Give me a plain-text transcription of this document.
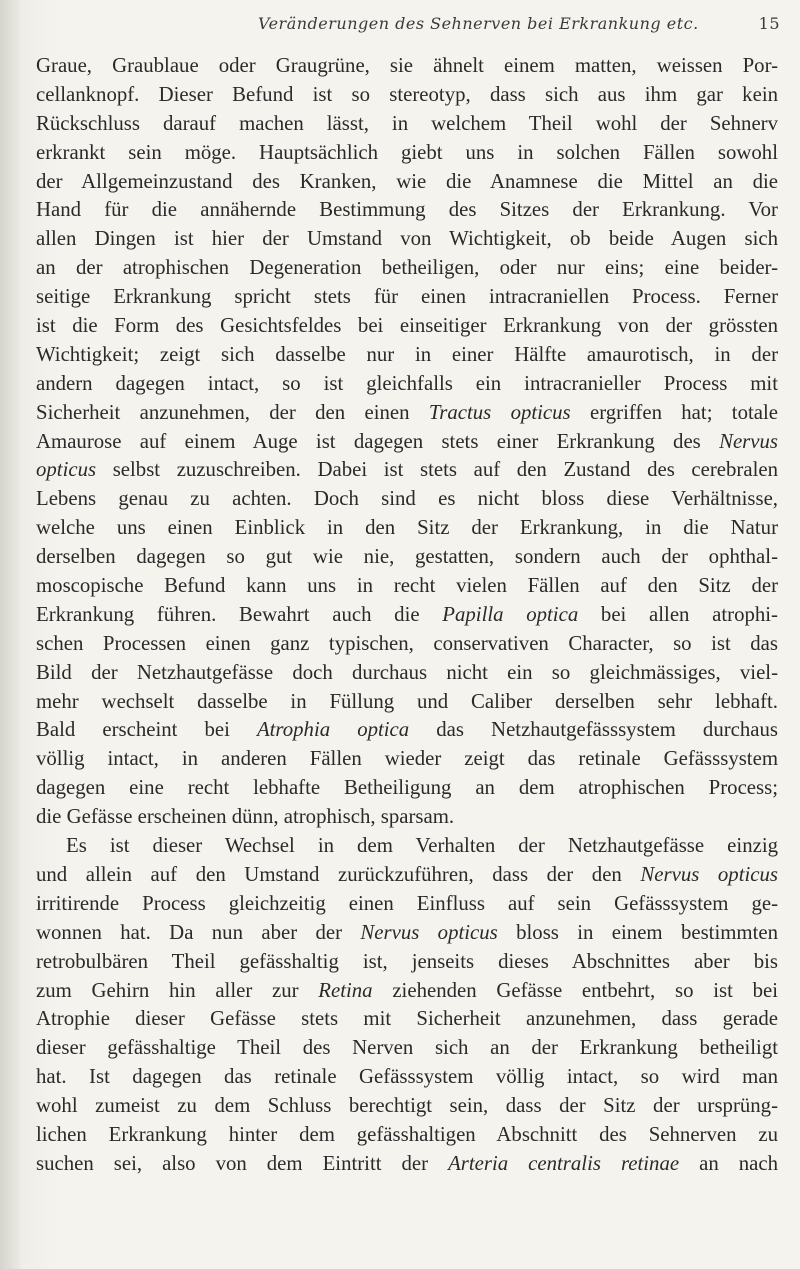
Veränderungen des Sehnerven bei Erkrankung etc.	15
Graue, Graublaue oder Graugrüne, sie ähnelt einem matten, weissen Por-
cellanknopf. Dieser Befund ist so stereotyp, dass sich aus ihm gar kein
Rückschluss darauf machen lässt, in welchem Theil wohl der Sehnerv
erkrankt sein möge. Hauptsächlich giebt uns in solchen Fällen sowohl
der Allgemeinzustand des Kranken, wie die Anamnese die Mittel an die
Hand für die annähernde Bestimmung des Sitzes der Erkrankung. Vor
allen Dingen ist hier der Umstand von Wichtigkeit, ob beide Augen sich
an der atrophischen Degeneration betheiligen, oder nur eins; eine beider-
seitige Erkrankung spricht stets für einen intracraniellen Process. Ferner
ist die Form des Gesichtsfeldes bei einseitiger Erkrankung von der grössten
Wichtigkeit; zeigt sich dasselbe nur in einer Hälfte amaurotisch, in der
andern dagegen intact, so ist gleichfalls ein intracranieller Process mit
Sicherheit anzunehmen, der den einen Tractus opticus ergriffen hat; totale
Amaurose auf einem Auge ist dagegen stets einer Erkrankung des Nervus
opticus selbst zuzuschreiben. Dabei ist stets auf den Zustand des cerebralen
Lebens genau zu achten. Doch sind es nicht bloss diese Verhältnisse,
welche uns einen Einblick in den Sitz der Erkrankung, in die Natur
derselben dagegen so gut wie nie, gestatten, sondern auch der ophthal-
moscopische Befund kann uns in recht vielen Fällen auf den Sitz der
Erkrankung führen. Bewahrt auch die Papilla optica bei allen atrophi-
schen Processen einen ganz typischen, conservativen Character, so ist das
Bild der Netzhautgefässe doch durchaus nicht ein so gleichmässiges, viel-
mehr wechselt dasselbe in Füllung und Caliber derselben sehr lebhaft.
Bald erscheint bei Atrophia optica das Netzhautgefässsystem durchaus
völlig intact, in anderen Fällen wieder zeigt das retinale Gefässsystem
dagegen eine recht lebhafte Betheiligung an dem atrophischen Process;
die Gefässe erscheinen dünn, atrophisch, sparsam.
Es ist dieser Wechsel in dem Verhalten der Netzhautgefässe einzig
und allein auf den Umstand zurückzuführen, dass der den Nervus opticus
irritirende Process gleichzeitig einen Einfluss auf sein Gefässsystem ge-
wonnen hat. Da nun aber der Nervus opticus bloss in einem bestimmten
retrobulbären Theil gefässhaltig ist, jenseits dieses Abschnittes aber bis
zum Gehirn hin aller zur Retina ziehenden Gefässe entbehrt, so ist bei
Atrophie dieser Gefässe stets mit Sicherheit anzunehmen, dass gerade
dieser gefässhaltige Theil des Nerven sich an der Erkrankung betheiligt
hat. Ist dagegen das retinale Gefässsystem völlig intact, so wird man
wohl zumeist zu dem Schluss berechtigt sein, dass der Sitz der ursprüng-
lichen Erkrankung hinter dem gefässhaltigen Abschnitt des Sehnerven zu
suchen sei, also von dem Eintritt der Arteria centralis retinae an nach
